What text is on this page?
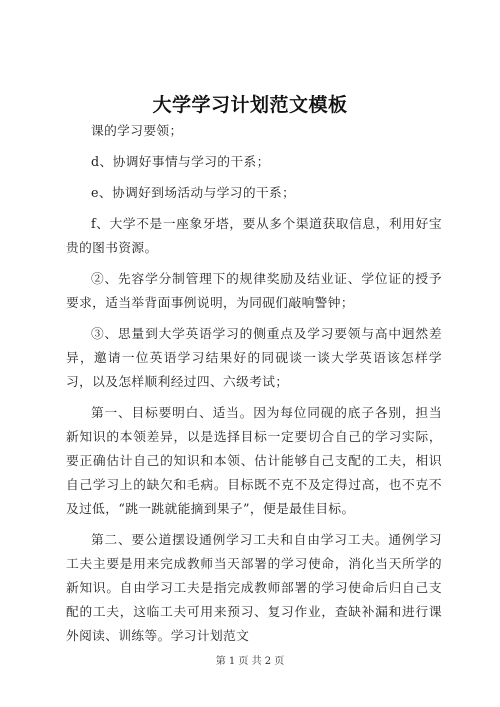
大学学习计划范文模板

课的学习要领；

d、协调好事情与学习的干系；

e、协调好到场活动与学习的干系；

f、大学不是一座象牙塔，要从多个渠道获取信息，利用好宝贵的图书资源。

②、先容学分制管理下的规律奖励及结业证、学位证的授予要求，适当举背面事例说明，为同砚们敲响警钟；

③、思量到大学英语学习的侧重点及学习要领与高中迥然差异，邀请一位英语学习结果好的同砚谈一谈大学英语该怎样学习，以及怎样顺利经过四、六级考试；

第一、目标要明白、适当。因为每位同砚的底子各别，担当新知识的本领差异，以是选择目标一定要切合自己的学习实际，要正确估计自己的知识和本领、估计能够自己支配的工夫，相识自己学习上的缺欠和毛病。目标既不克不及定得过高，也不克不及过低，“跳一跳就能摘到果子”，便是最佳目标。

第二、要公道摆设通例学习工夫和自由学习工夫。通例学习工夫主要是用来完成教师当天部署的学习使命，消化当天所学的新知识。自由学习工夫是指完成教师部署的学习使命后归自己支配的工夫，这临工夫可用来预习、复习作业，查缺补漏和进行课外阅读、训练等。学习计划范文

第 1 页 共 2 页
